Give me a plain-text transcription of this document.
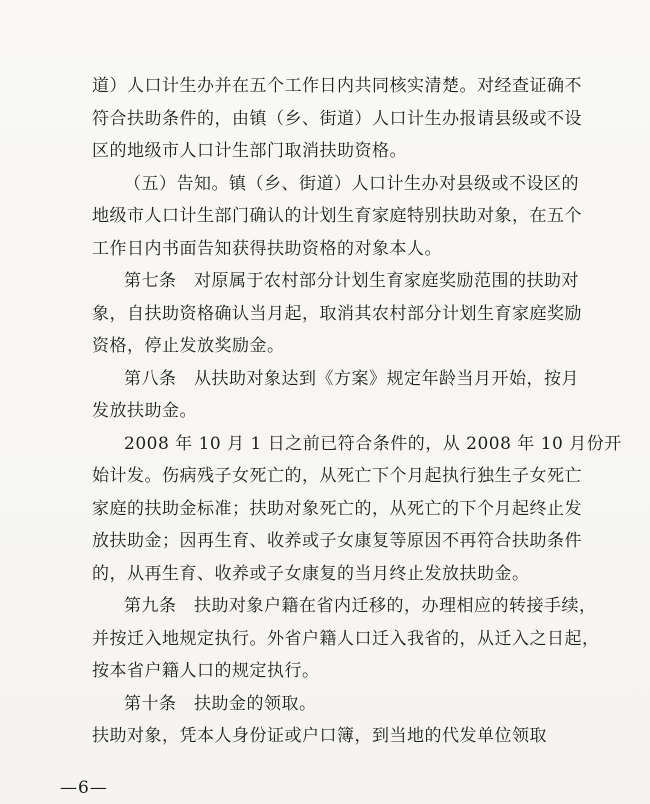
道）人口计生办并在五个工作日内共同核实清楚。对经查证确不
符合扶助条件的，由镇（乡、街道）人口计生办报请县级或不设
区的地级市人口计生部门取消扶助资格。
（五）告知。镇（乡、街道）人口计生办对县级或不设区的
地级市人口计生部门确认的计划生育家庭特别扶助对象，在五个
工作日内书面告知获得扶助资格的对象本人。
第七条　对原属于农村部分计划生育家庭奖励范围的扶助对
象，自扶助资格确认当月起，取消其农村部分计划生育家庭奖励
资格，停止发放奖励金。
第八条　从扶助对象达到《方案》规定年龄当月开始，按月
发放扶助金。
2008 年 10 月 1 日之前已符合条件的，从 2008 年 10 月份开
始计发。伤病残子女死亡的，从死亡下个月起执行独生子女死亡
家庭的扶助金标准；扶助对象死亡的，从死亡的下个月起终止发
放扶助金；因再生育、收养或子女康复等原因不再符合扶助条件
的，从再生育、收养或子女康复的当月终止发放扶助金。
第九条　扶助对象户籍在省内迁移的，办理相应的转接手续，
并按迁入地规定执行。外省户籍人口迁入我省的，从迁入之日起，
按本省户籍人口的规定执行。
第十条　扶助金的领取。
扶助对象，凭本人身份证或户口簿，到当地的代发单位领取
—6—
